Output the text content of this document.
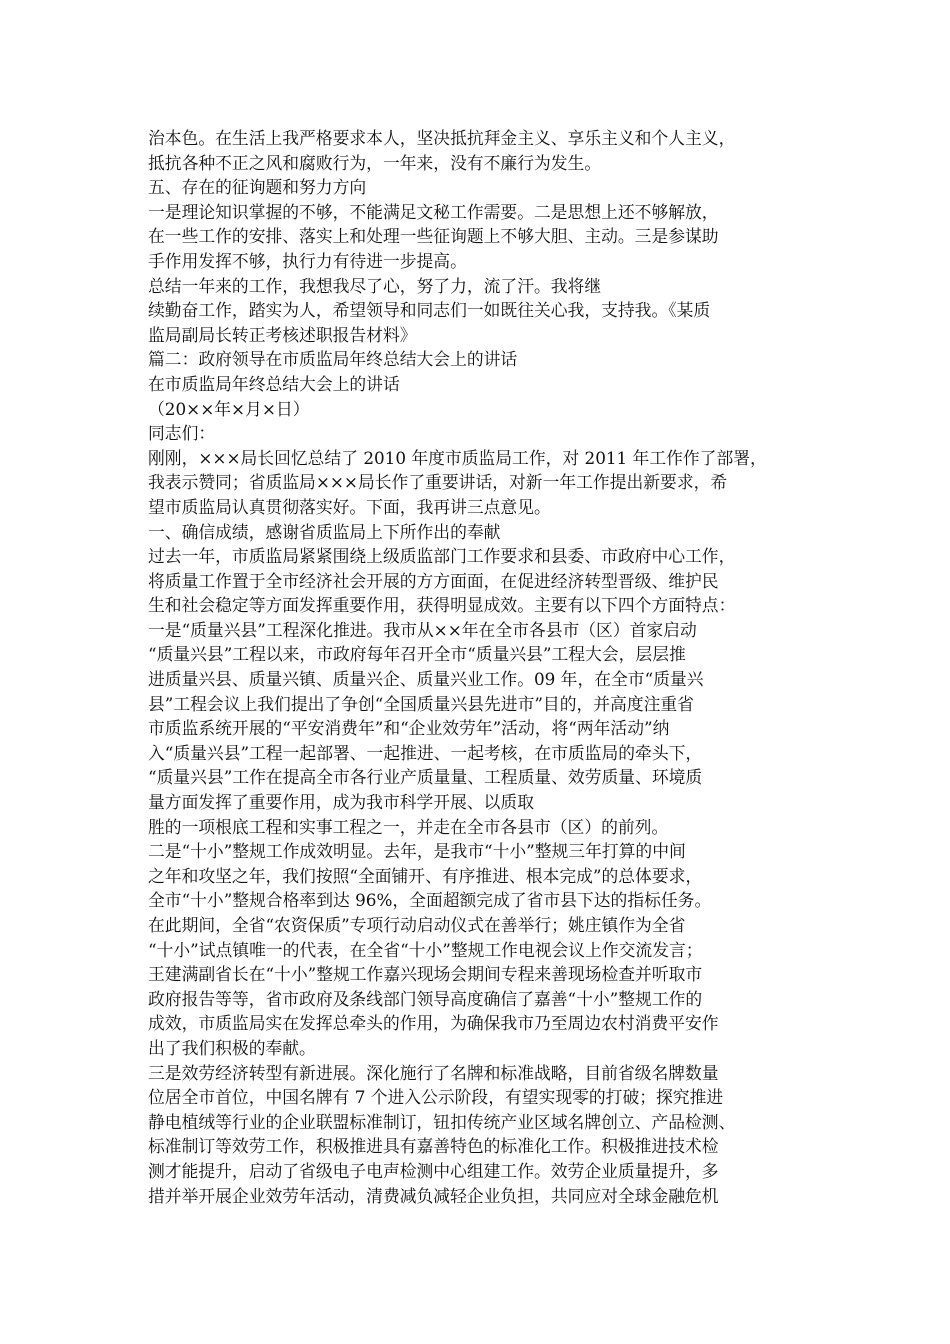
治本色。在生活上我严格要求本人，坚决抵抗拜金主义、享乐主义和个人主义，
抵抗各种不正之风和腐败行为，一年来，没有不廉行为发生。
五、存在的征询题和努力方向
一是理论知识掌握的不够，不能满足文秘工作需要。二是思想上还不够解放，
在一些工作的安排、落实上和处理一些征询题上不够大胆、主动。三是参谋助
手作用发挥不够，执行力有待进一步提高。
总结一年来的工作，我想我尽了心，努了力，流了汗。我将继
续勤奋工作，踏实为人，希望领导和同志们一如既往关心我，支持我。《某质
监局副局长转正考核述职报告材料》
篇二：政府领导在市质监局年终总结大会上的讲话
在市质监局年终总结大会上的讲话
（20××年×月×日）
同志们：
刚刚，×××局长回忆总结了 2010 年度市质监局工作，对 2011 年工作作了部署，
我表示赞同；省质监局×××局长作了重要讲话，对新一年工作提出新要求，希
望市质监局认真贯彻落实好。下面，我再讲三点意见。
一、确信成绩，感谢省质监局上下所作出的奉献
过去一年，市质监局紧紧围绕上级质监部门工作要求和县委、市政府中心工作，
将质量工作置于全市经济社会开展的方方面面，在促进经济转型晋级、维护民
生和社会稳定等方面发挥重要作用，获得明显成效。主要有以下四个方面特点：
一是“质量兴县”工程深化推进。我市从××年在全市各县市（区）首家启动
“质量兴县”工程以来，市政府每年召开全市“质量兴县”工程大会，层层推
进质量兴县、质量兴镇、质量兴企、质量兴业工作。09 年，在全市“质量兴
县”工程会议上我们提出了争创“全国质量兴县先进市”目的，并高度注重省
市质监系统开展的“平安消费年”和“企业效劳年”活动，将“两年活动”纳
入“质量兴县”工程一起部署、一起推进、一起考核，在市质监局的牵头下，
“质量兴县”工作在提高全市各行业产质量量、工程质量、效劳质量、环境质
量方面发挥了重要作用，成为我市科学开展、以质取
胜的一项根底工程和实事工程之一，并走在全市各县市（区）的前列。
二是“十小”整规工作成效明显。去年，是我市“十小”整规三年打算的中间
之年和攻坚之年，我们按照“全面铺开、有序推进、根本完成”的总体要求，
全市“十小”整规合格率到达 96%，全面超额完成了省市县下达的指标任务。
在此期间，全省“农资保质”专项行动启动仪式在善举行；姚庄镇作为全省
“十小”试点镇唯一的代表，在全省“十小”整规工作电视会议上作交流发言；
王建满副省长在“十小”整规工作嘉兴现场会期间专程来善现场检查并听取市
政府报告等等，省市政府及条线部门领导高度确信了嘉善“十小”整规工作的
成效，市质监局实在发挥总牵头的作用，为确保我市乃至周边农村消费平安作
出了我们积极的奉献。
三是效劳经济转型有新进展。深化施行了名牌和标准战略，目前省级名牌数量
位居全市首位，中国名牌有 7 个进入公示阶段，有望实现零的打破；探究推进
静电植绒等行业的企业联盟标准制订，钮扣传统产业区域名牌创立、产品检测、
标准制订等效劳工作，积极推进具有嘉善特色的标准化工作。积极推进技术检
测才能提升，启动了省级电子电声检测中心组建工作。效劳企业质量提升，多
措并举开展企业效劳年活动，清费减负减轻企业负担，共同应对全球金融危机
